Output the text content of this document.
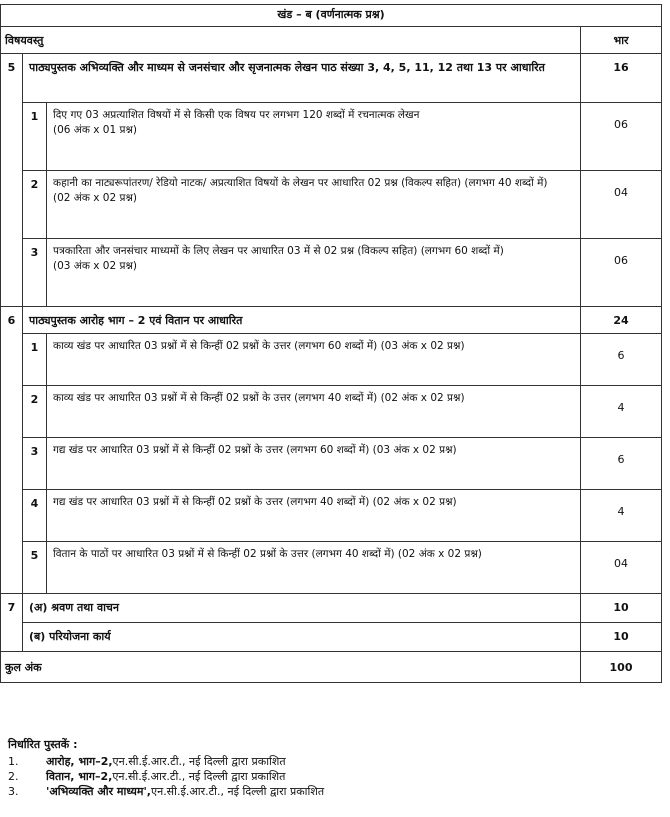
खंड – ब (वर्णनात्मक प्रश्न)			
विषयवस्तु			भार
5	पाठ्यपुस्तक अभिव्यक्ति और माध्यम से जनसंचार और सृजनात्मक लेखन पाठ संख्या 3, 4, 5, 11, 12 तथा 13 पर आधारित		16
	1	दिए गए 03 अप्रत्याशित विषयों में से किसी एक विषय पर लगभग 120 शब्दों में रचनात्मक लेखन
(06 अंक x 01 प्रश्न)	06
	2	कहानी का नाट्यरूपांतरण/ रेडियो नाटक/ अप्रत्याशित विषयों के लेखन पर आधारित 02 प्रश्न (विकल्प सहित) (लगभग 40 शब्दों में)
(02 अंक x 02 प्रश्न)	04
	3	पत्रकारिता और जनसंचार माध्यमों के लिए लेखन पर आधारित 03 में से 02 प्रश्न (विकल्प सहित) (लगभग 60 शब्दों में)
(03 अंक x 02 प्रश्न)	06
6	पाठ्यपुस्तक आरोह भाग – 2 एवं वितान पर आधारित		24
	1	काव्य खंड पर आधारित 03 प्रश्नों में से किन्हीं 02 प्रश्नों के उत्तर (लगभग 60 शब्दों में) (03 अंक x 02 प्रश्न)	6
	2	काव्य खंड पर आधारित 03 प्रश्नों में से किन्हीं 02 प्रश्नों के उत्तर (लगभग 40 शब्दों में) (02 अंक x 02 प्रश्न)	4
	3	गद्य खंड पर आधारित 03 प्रश्नों में से किन्हीं 02 प्रश्नों के उत्तर (लगभग 60 शब्दों में) (03 अंक x 02 प्रश्न)	6
	4	गद्य खंड पर आधारित 03 प्रश्नों में से किन्हीं 02 प्रश्नों के उत्तर (लगभग 40 शब्दों में) (02 अंक x 02 प्रश्न)	4
	5	वितान के पाठों पर आधारित 03 प्रश्नों में से किन्हीं 02 प्रश्नों के उत्तर (लगभग 40 शब्दों में) (02 अंक x 02 प्रश्न)	04
7	(अ) श्रवण तथा वाचन		10
	(ब) परियोजना कार्य		10
कुल अंक			100
निर्धारित पुस्तकें :
1.	आरोह, भाग–2, एन.सी.ई.आर.टी., नई दिल्ली द्वारा प्रकाशित
2.	वितान, भाग–2, एन.सी.ई.आर.टी., नई दिल्ली द्वारा प्रकाशित
3.	'अभिव्यक्ति और माध्यम', एन.सी.ई.आर.टी., नई दिल्ली द्वारा प्रकाशित
